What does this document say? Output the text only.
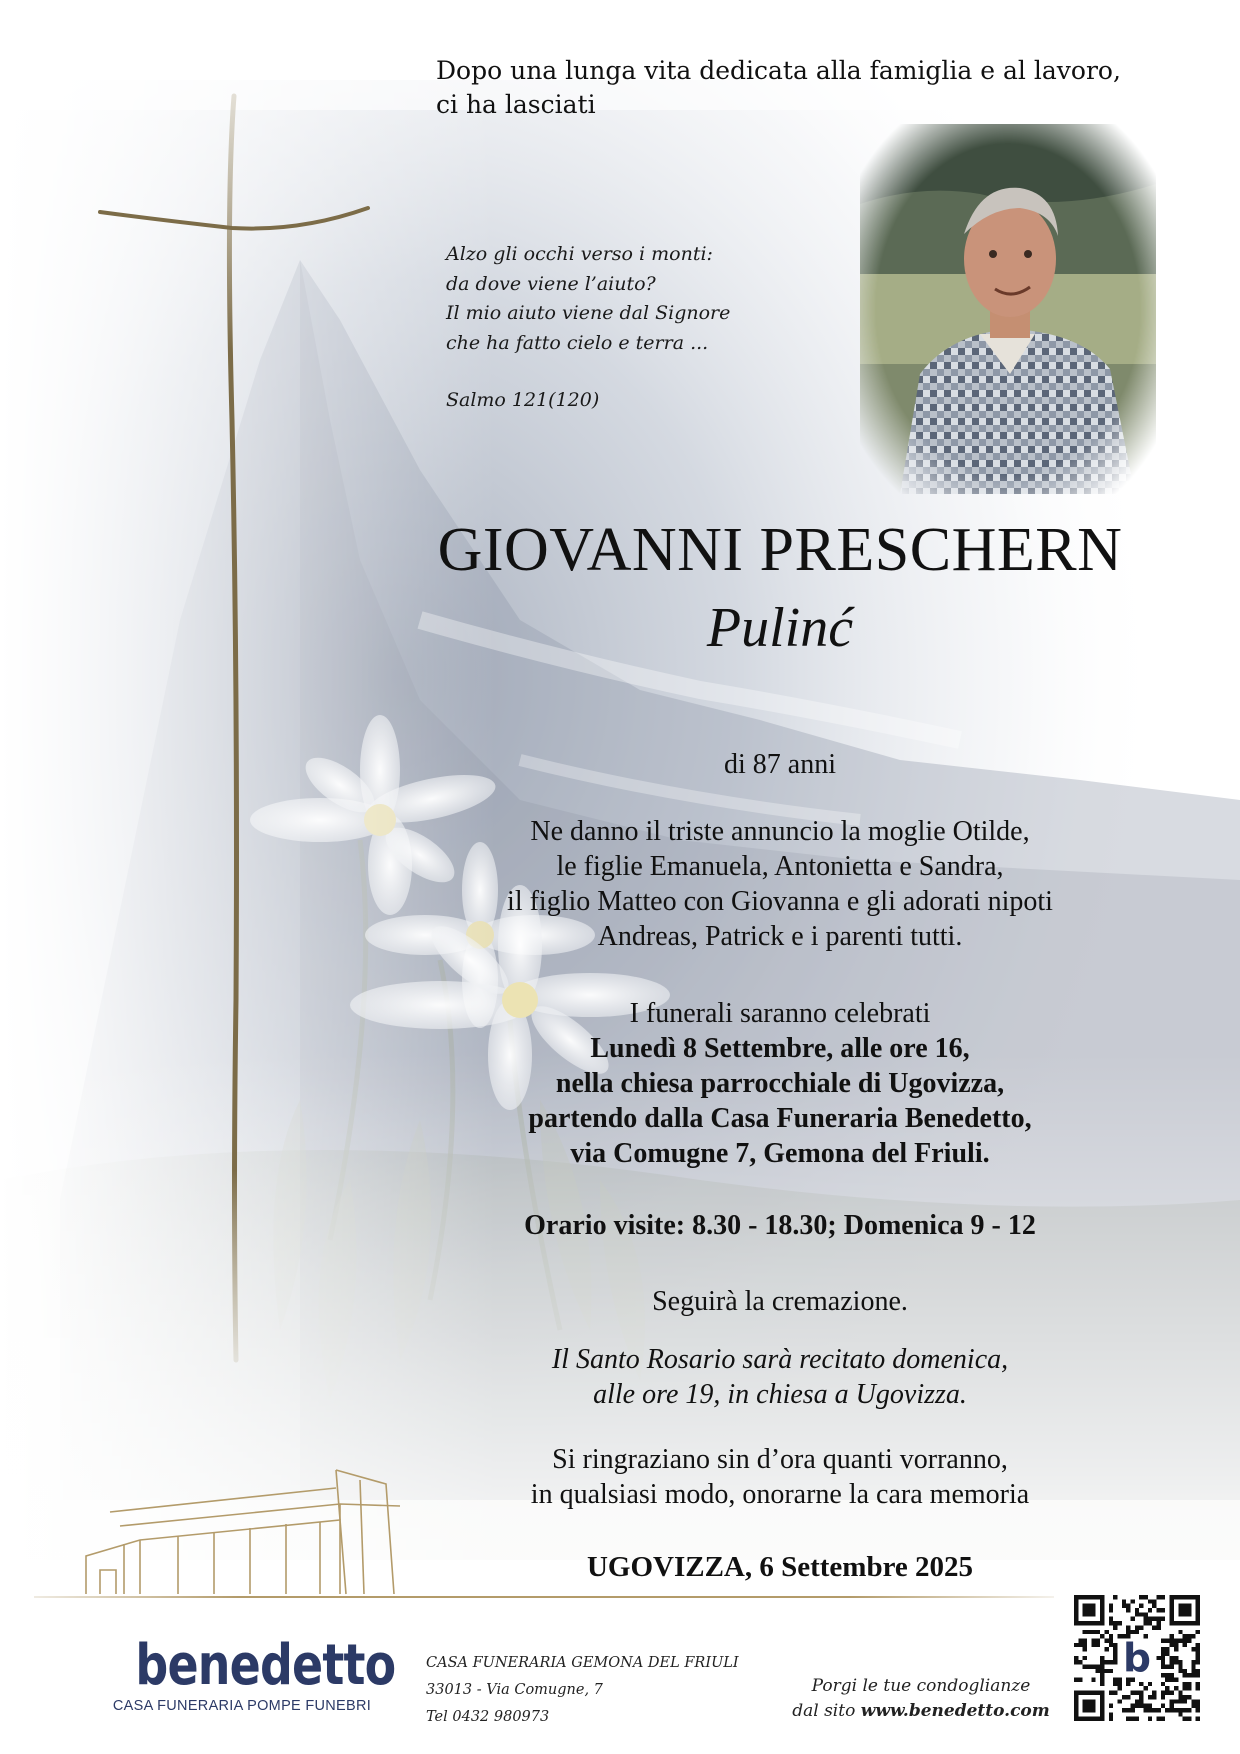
Dopo una lunga vita dedicata alla famiglia e al lavoro,
ci ha lasciati
Alzo gli occhi verso i monti:
da dove viene l’aiuto?
Il mio aiuto viene dal Signore
che ha fatto cielo e terra ...
Salmo 121(120)
GIOVANNI PRESCHERN
Pulinć
di 87 anni
Ne danno il triste annuncio la moglie Otilde,
le figlie Emanuela, Antonietta e Sandra,
il figlio Matteo con Giovanna e gli adorati nipoti
Andreas, Patrick e i parenti tutti.
I funerali saranno celebrati
Lunedì 8 Settembre, alle ore 16,
nella chiesa parrocchiale di Ugovizza,
partendo dalla Casa Funeraria Benedetto,
via Comugne 7, Gemona del Friuli.
Orario visite: 8.30 - 18.30; Domenica 9 - 12
Seguirà la cremazione.
Il Santo Rosario sarà recitato domenica,
alle ore 19, in chiesa a Ugovizza.
Si ringraziano sin d’ora quanti vorranno,
in qualsiasi modo, onorarne la cara memoria
UGOVIZZA, 6 Settembre 2025
benedetto
CASA FUNERARIA POMPE FUNEBRI
CASA FUNERARIA GEMONA DEL FRIULI
33013 - Via Comugne, 7
Tel 0432 980973
Porgi le tue condoglianze
dal sito www.benedetto.com
b
